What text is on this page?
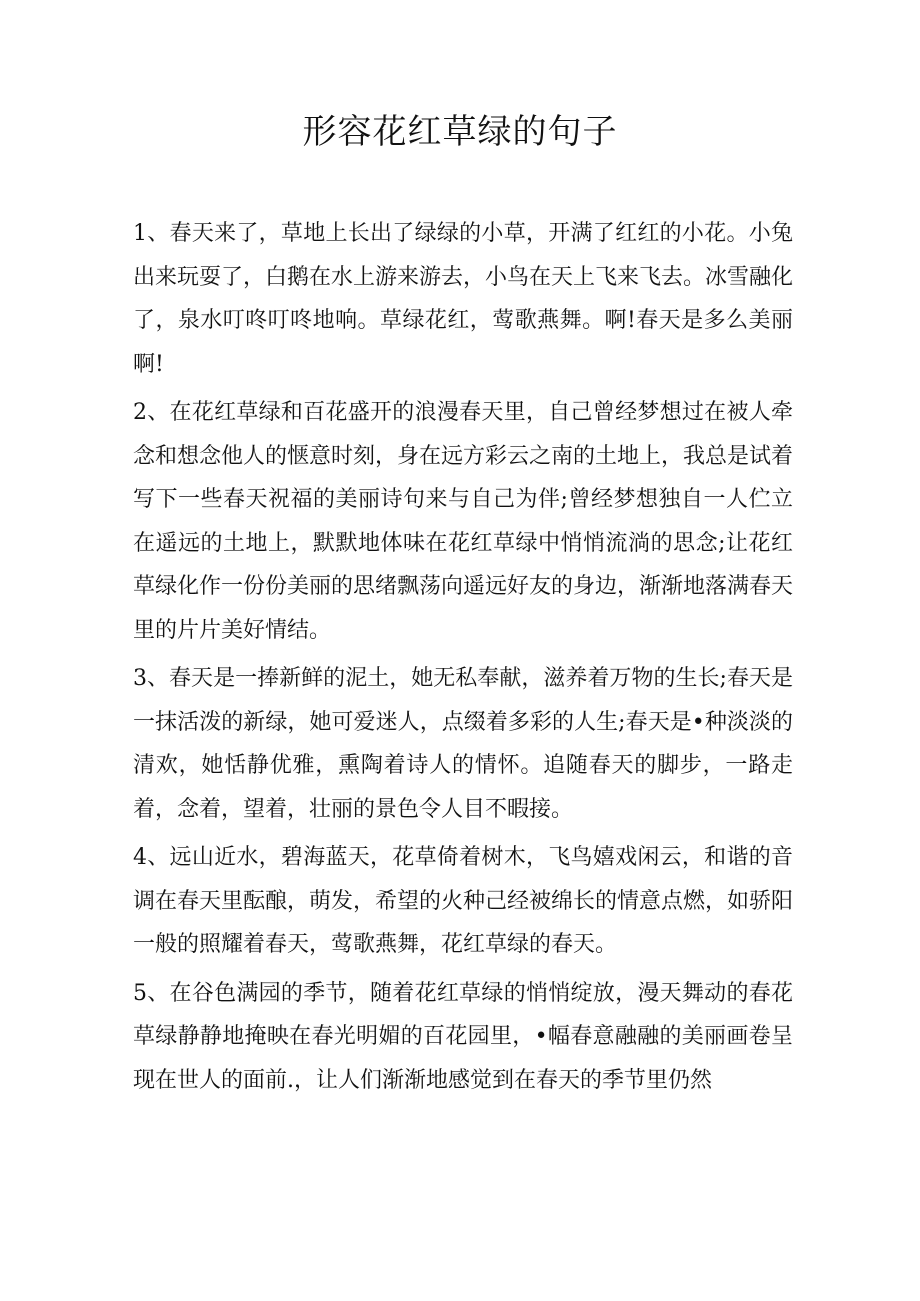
形容花红草绿的句子

1、春天来了，草地上长出了绿绿的小草，开满了红红的小花。小兔出来玩耍了，白鹅在水上游来游去，小鸟在天上飞来飞去。冰雪融化了，泉水叮咚叮咚地响。草绿花红，莺歌燕舞。啊!春天是多么美丽啊!

2、在花红草绿和百花盛开的浪漫春天里，自己曾经梦想过在被人牵念和想念他人的惬意时刻，身在远方彩云之南的土地上，我总是试着写下一些春天祝福的美丽诗句来与自己为伴;曾经梦想独自一人伫立在遥远的土地上，默默地体味在花红草绿中悄悄流淌的思念;让花红草绿化作一份份美丽的思绪飘荡向遥远好友的身边，渐渐地落满春天里的片片美好情结。

3、春天是一捧新鲜的泥土，她无私奉献，滋养着万物的生长;春天是一抹活泼的新绿，她可爱迷人，点缀着多彩的人生;春天是•种淡淡的清欢，她恬静优雅，熏陶着诗人的情怀。追随春天的脚步，一路走着，念着，望着，壮丽的景色令人目不暇接。

4、远山近水，碧海蓝天，花草倚着树木，飞鸟嬉戏闲云，和谐的音调在春天里酝酿，萌发，希望的火种己经被绵长的情意点燃，如骄阳一般的照耀着春天，莺歌燕舞，花红草绿的春天。

5、在谷色满园的季节，随着花红草绿的悄悄绽放，漫天舞动的春花草绿静静地掩映在春光明媚的百花园里，•幅春意融融的美丽画卷呈现在世人的面前.，让人们渐渐地感觉到在春天的季节里仍然
